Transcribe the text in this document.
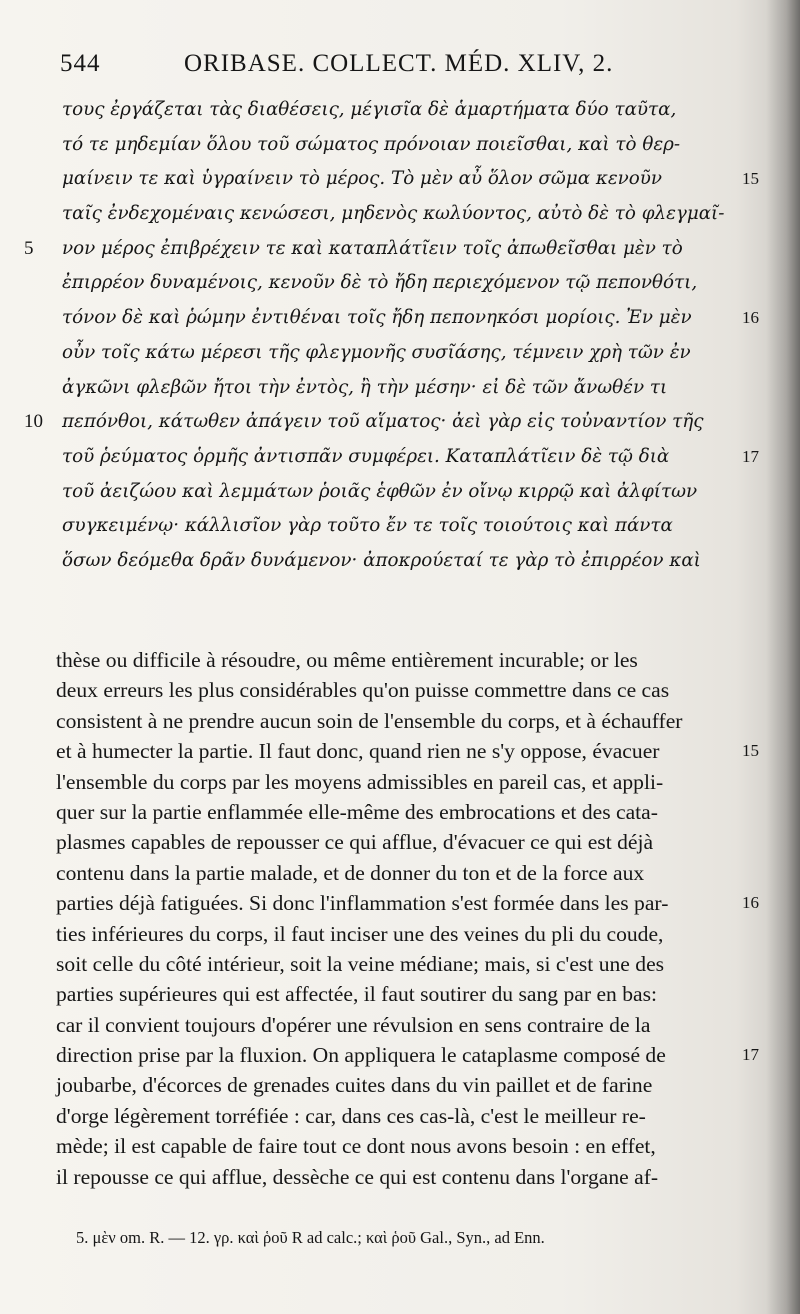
544	ORIBASE. COLLECT. MÉD. XLIV, 2.
τους ἐργάζεται τὰς διαθέσεις, μέγισῖα δὲ ἁμαρτήματα δύο ταῦτα,
τό τε μηδεμίαν ὅλου τοῦ σώματος πρόνοιαν ποιεῖσθαι, καὶ τὸ θερ-
μαίνειν τε καὶ ὑγραίνειν τὸ μέρος. Τὸ μὲν αὖ ὅλον σῶμα κενοῦν	15
ταῖς ἐνδεχομέναις κενώσεσι, μηδενὸς κωλύοντος, αὐτὸ δὲ τὸ φλεγμαῖ-
νον μέρος ἐπιβρέχειν τε καὶ καταπλάτῖειν τοῖς ἀπωθεῖσθαι μὲν τὸ
5
ἐπιρρέον δυναμένοις, κενοῦν δὲ τὸ ἤδη περιεχόμενον τῷ πεπονθότι,
τόνον δὲ καὶ ῥώμην ἐντιθέναι τοῖς ἤδη πεπονηκόσι μορίοις. Ἐν μὲν	16
οὖν τοῖς κάτω μέρεσι τῆς φλεγμονῆς συσῖάσης, τέμνειν χρὴ τῶν ἐν
ἀγκῶνι φλεβῶν ἤτοι τὴν ἐντὸς, ἢ τὴν μέσην· εἰ δὲ τῶν ἄνωθέν τι
πεπόνθοι, κάτωθεν ἀπάγειν τοῦ αἵματος· ἀεὶ γὰρ εἰς τοὐναντίον τῆς
10
τοῦ ῥεύματος ὁρμῆς ἀντισπᾶν συμφέρει. Καταπλάτῖειν δὲ τῷ διὰ	17
τοῦ ἀειζώου καὶ λεμμάτων ῥοιᾶς ἑφθῶν ἐν οἴνῳ κιρρῷ καὶ ἀλφίτων
συγκειμένῳ· κάλλισῖον γὰρ τοῦτο ἔν τε τοῖς τοιούτοις καὶ πάντα
ὅσων δεόμεθα δρᾶν δυνάμενον· ἀποκρούεταί τε γὰρ τὸ ἐπιρρέον καὶ
thèse ou difficile à résoudre, ou même entièrement incurable; or les
deux erreurs les plus considérables qu'on puisse commettre dans ce cas
consistent à ne prendre aucun soin de l'ensemble du corps, et à échauffer
et à humecter la partie. Il faut donc, quand rien ne s'y oppose, évacuer	15
l'ensemble du corps par les moyens admissibles en pareil cas, et appli-
quer sur la partie enflammée elle-même des embrocations et des cata-
plasmes capables de repousser ce qui afflue, d'évacuer ce qui est déjà
contenu dans la partie malade, et de donner du ton et de la force aux
parties déjà fatiguées. Si donc l'inflammation s'est formée dans les par-	16
ties inférieures du corps, il faut inciser une des veines du pli du coude,
soit celle du côté intérieur, soit la veine médiane; mais, si c'est une des
parties supérieures qui est affectée, il faut soutirer du sang par en bas:
car il convient toujours d'opérer une révulsion en sens contraire de la
direction prise par la fluxion. On appliquera le cataplasme composé de	17
joubarbe, d'écorces de grenades cuites dans du vin paillet et de farine
d'orge légèrement torréfiée : car, dans ces cas-là, c'est le meilleur re-
mède; il est capable de faire tout ce dont nous avons besoin : en effet,
il repousse ce qui afflue, dessèche ce qui est contenu dans l'organe af-
5. μὲν om. R. — 12. γρ. καὶ ῥοῦ R ad calc.; καὶ ῥοῦ Gal., Syn., ad Enn.
